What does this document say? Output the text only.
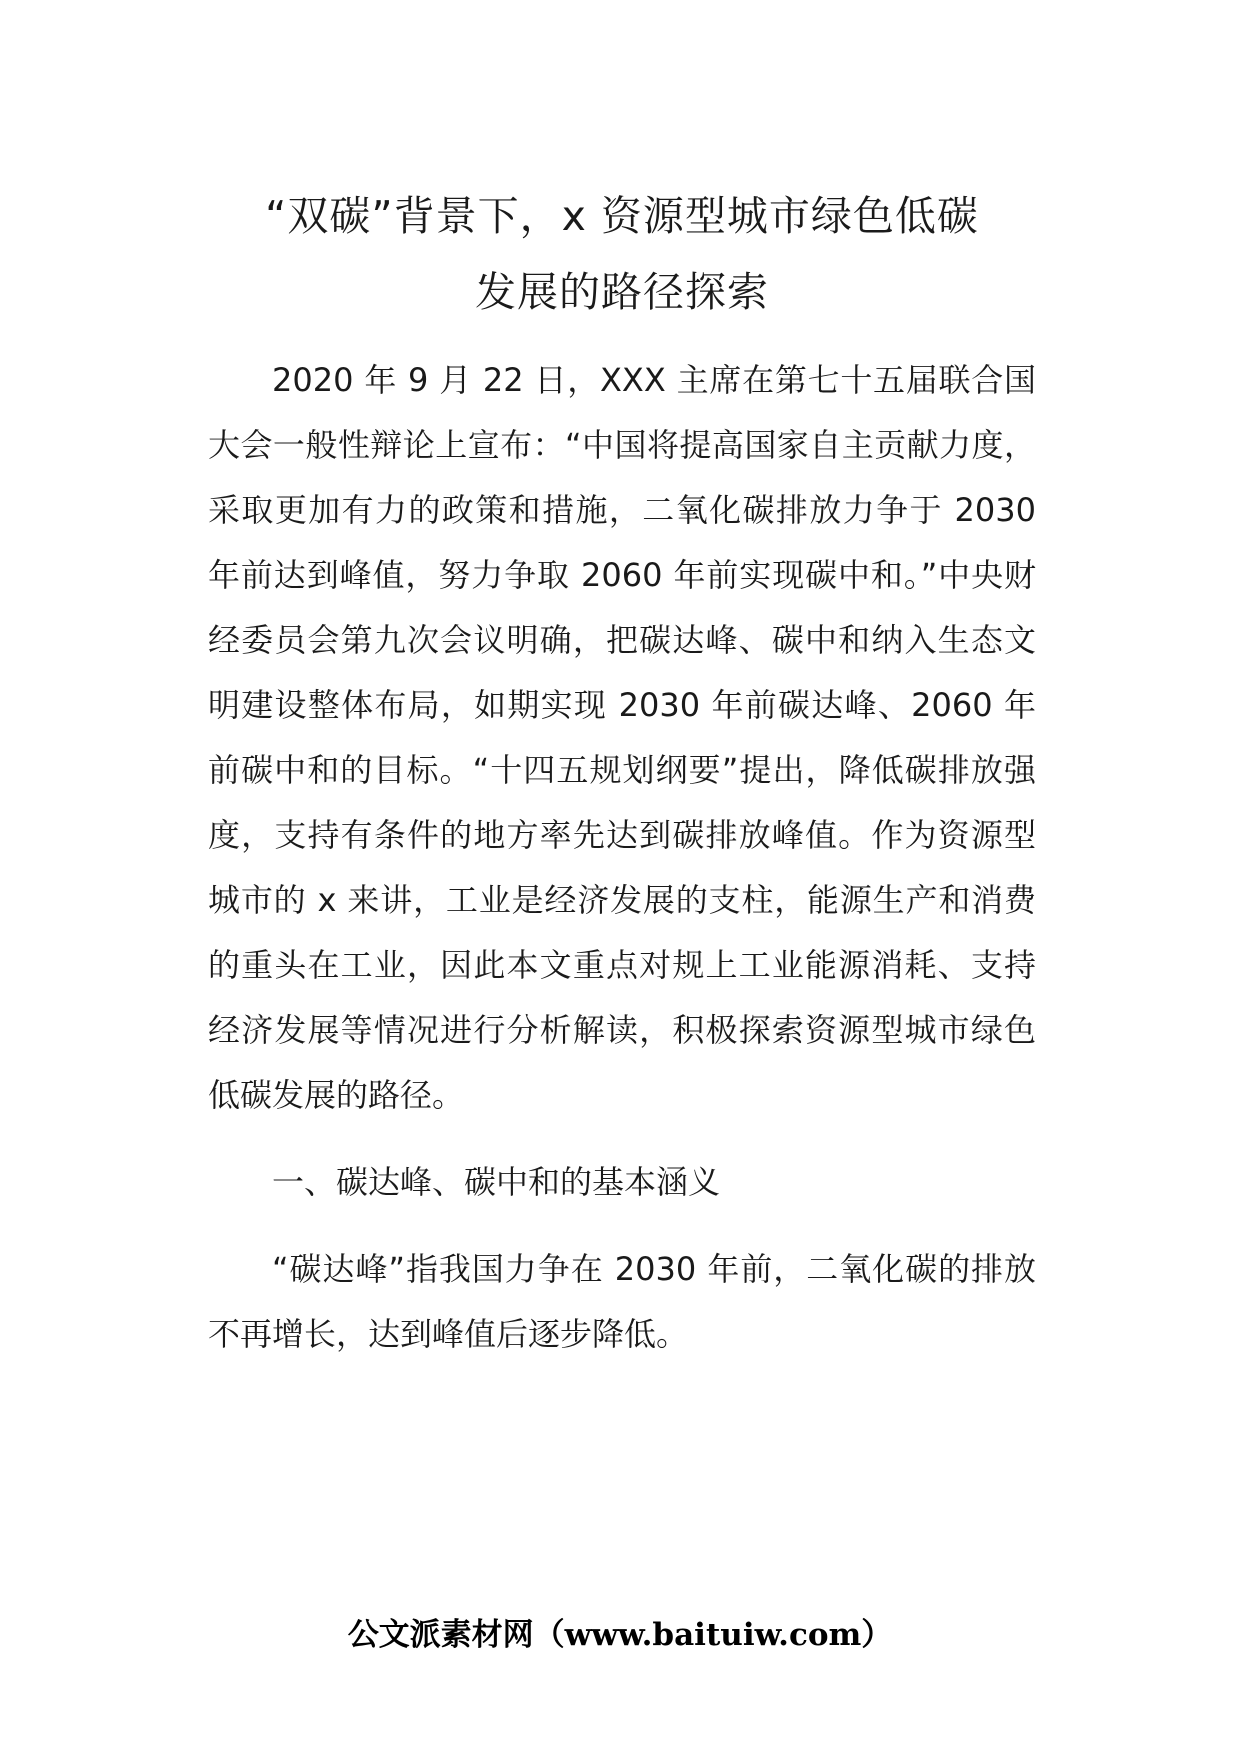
“双碳”背景下，x 资源型城市绿色低碳
发展的路径探索

2020 年 9 月 22 日，XXX 主席在第七十五届联合国大会一般性辩论上宣布：“中国将提高国家自主贡献力度，采取更加有力的政策和措施，二氧化碳排放力争于 2030 年前达到峰值，努力争取 2060 年前实现碳中和。”中央财经委员会第九次会议明确，把碳达峰、碳中和纳入生态文明建设整体布局，如期实现 2030 年前碳达峰、2060 年前碳中和的目标。“十四五规划纲要”提出，降低碳排放强度，支持有条件的地方率先达到碳排放峰值。作为资源型城市的 x 来讲，工业是经济发展的支柱，能源生产和消费的重头在工业，因此本文重点对规上工业能源消耗、支持经济发展等情况进行分析解读，积极探索资源型城市绿色低碳发展的路径。

一、碳达峰、碳中和的基本涵义

“碳达峰”指我国力争在 2030 年前，二氧化碳的排放不再增长，达到峰值后逐步降低。

公文派素材网（www.baituiw.com）
